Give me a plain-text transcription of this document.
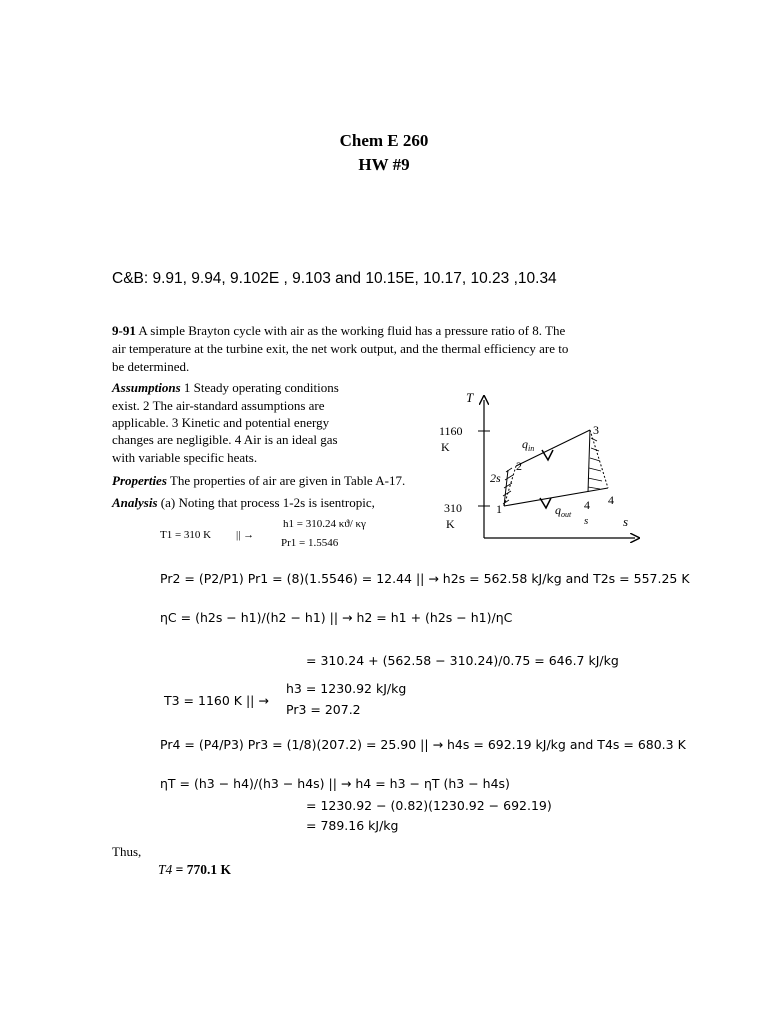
Chem E 260
HW #9
C&B: 9.91, 9.94, 9.102E , 9.103 and 10.15E, 10.17, 10.23 ,10.34
9-91 A simple Brayton cycle with air as the working fluid has a pressure ratio of 8. The
air temperature at the turbine exit, the net work output, and the thermal efficiency are to
be determined.
Assumptions 1 Steady operating conditions
exist. 2 The air-standard assumptions are
applicable. 3 Kinetic and potential energy
changes are negligible. 4 Air is an ideal gas
with variable specific heats.
Properties The properties of air are given in Table A-17.
Analysis (a) Noting that process 1-2s is isentropic,
T
s
1160
K
310
K
1
2
2s
3
4
4
s
$q_{in}$
$q_{out}$
T1 = 310 K || →
h1 = 310.24 κϑ/ κγ
Pr1 = 1.5546
Pr2 = (P2/P1) Pr1 = (8)(1.5546) = 12.44 || → h2s = 562.58 kJ/kg and T2s = 557.25 K
ηC = (h2s − h1)/(h2 − h1) || → h2 = h1 + (h2s − h1)/ηC
= 310.24 + (562.58 − 310.24)/0.75 = 646.7 kJ/kg
T3 = 1160 K || →
h3 = 1230.92 kJ/kg
Pr3 = 207.2
Pr4 = (P4/P3) Pr3 = (1/8)(207.2) = 25.90 || → h4s = 692.19 kJ/kg and T4s = 680.3 K
ηT = (h3 − h4)/(h3 − h4s) || → h4 = h3 − ηT (h3 − h4s)
= 1230.92 − (0.82)(1230.92 − 692.19)
= 789.16 kJ/kg
Thus,
T4 = 770.1 K
